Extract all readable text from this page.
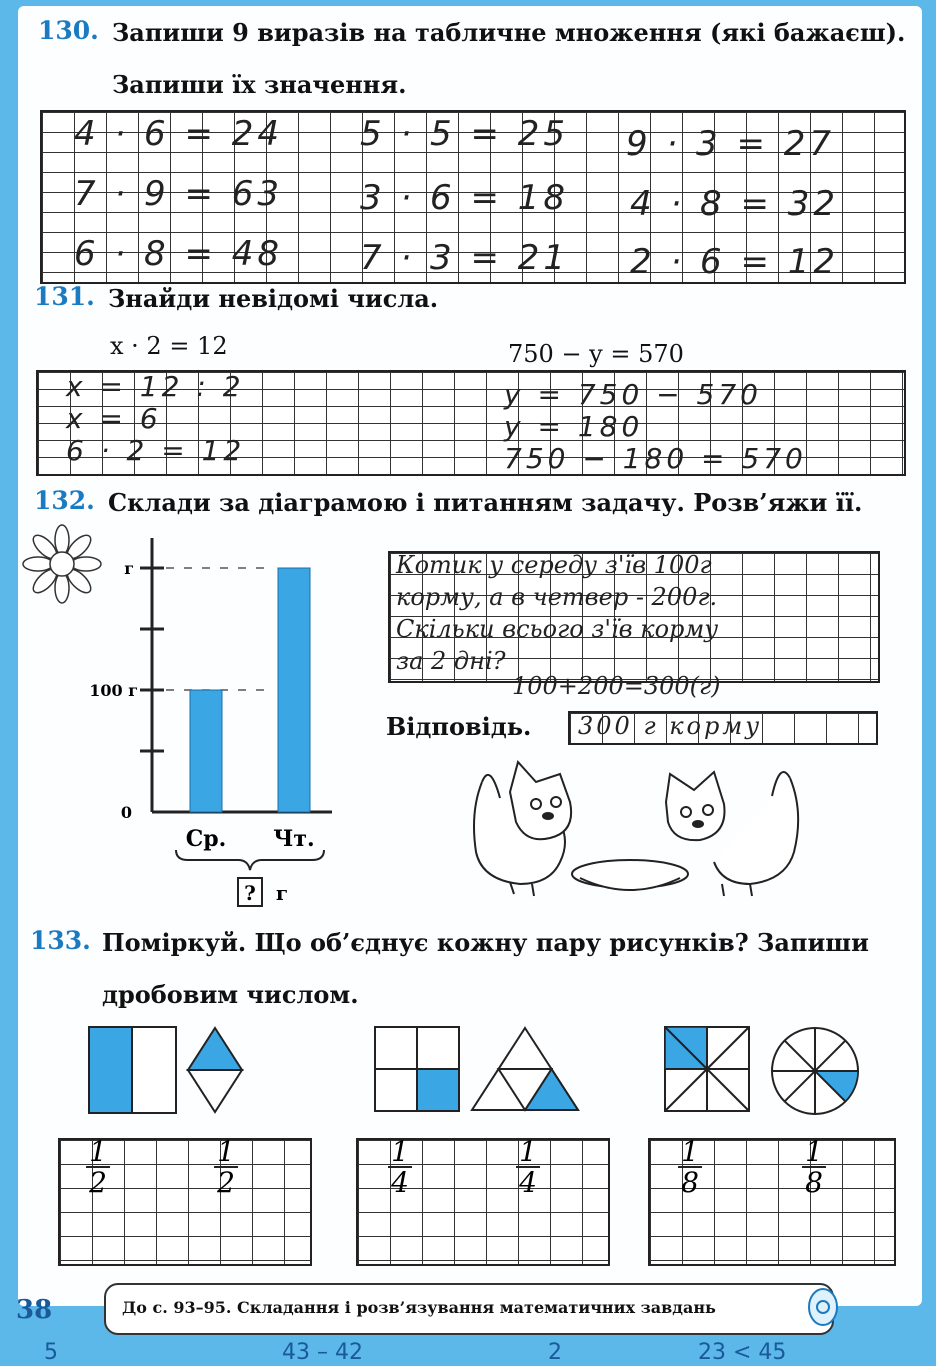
130. Запиши 9 виразів на табличне множення (які бажаєш).
Запиши їх значення.
4 · 6 = 24 5 · 5 = 25 9 · 3 = 27
7 · 9 = 63 3 · 6 = 18 4 · 8 = 32
6 · 8 = 48 7 · 3 = 21 2 · 6 = 12
131. Знайди невідомі числа.
x · 2 = 12	750 − y = 570
x = 12 : 2
x = 6
6 · 2 = 12
y = 750 − 570
y = 180
750 − 180 = 570
132. Склади за діаграмою і питанням задачу. Розв’яжи її.
0
100 г
г
Ср. Чт.
? г
Котик у середу з'їв 100г
корму, а в четвер - 200г.
Скільки всього з'їв корму
за 2 дні?
100+200=300(г)
Відповідь. 300 г корму
133. Поміркуй. Що об’єднує кожну пару рисунків? Запиши
дробовим числом.
$\frac{1}{2}$	$\frac{1}{2}$	$\frac{1}{4}$	$\frac{1}{4}$	$\frac{1}{8}$	$\frac{1}{8}$
38	До с. 93–95. Складання і розв’язування математичних завдань
5	43 – 42	2	23 < 45
